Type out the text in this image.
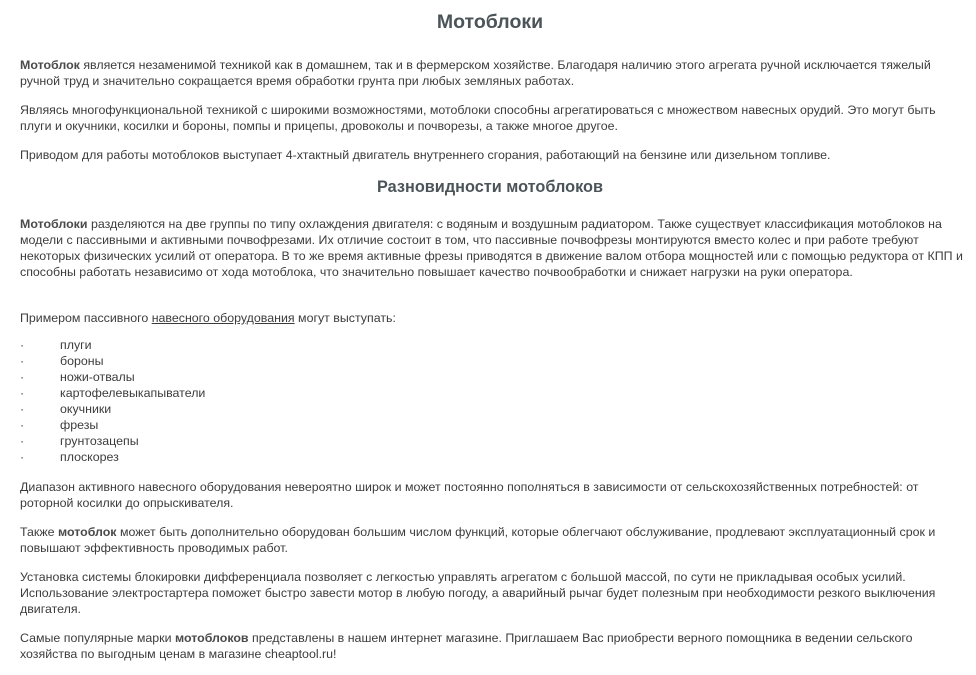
Мотоблоки

Мотоблок является незаменимой техникой как в домашнем, так и в фермерском хозяйстве. Благодаря наличию этого агрегата ручной исключается тяжелый ручной труд и значительно сокращается время обработки грунта при любых земляных работах.

Являясь многофункциональной техникой с широкими возможностями, мотоблоки способны агрегатироваться с множеством навесных орудий. Это могут быть плуги и окучники, косилки и бороны, помпы и прицепы, дровоколы и почворезы, а также многое другое.

Приводом для работы мотоблоков выступает 4-хтактный двигатель внутреннего сгорания, работающий на бензине или дизельном топливе.

Разновидности мотоблоков

Мотоблоки разделяются на две группы по типу охлаждения двигателя: с водяным и воздушным радиатором. Также существует классификация мотоблоков на модели с пассивными и активными почвофрезами. Их отличие состоит в том, что пассивные почвофрезы монтируются вместо колес и при работе требуют некоторых физических усилий от оператора. В то же время активные фрезы приводятся в движение валом отбора мощностей или с помощью редуктора от КПП и способны работать независимо от хода мотоблока, что значительно повышает качество почвообработки и снижает нагрузки на руки оператора.

Примером пассивного навесного оборудования могут выступать:

·	плуги
·	бороны
·	ножи-отвалы
·	картофелевыкапыватели
·	окучники
·	фрезы
·	грунтозацепы
·	плоскорез

Диапазон активного навесного оборудования невероятно широк и может постоянно пополняться в зависимости от сельскохозяйственных потребностей: от роторной косилки до опрыскивателя.

Также мотоблок может быть дополнительно оборудован большим числом функций, которые облегчают обслуживание, продлевают эксплуатационный срок и повышают эффективность проводимых работ.

Установка системы блокировки дифференциала позволяет с легкостью управлять агрегатом с большой массой, по сути не прикладывая особых усилий. Использование электростартера поможет быстро завести мотор в любую погоду, а аварийный рычаг будет полезным при необходимости резкого выключения двигателя.

Самые популярные марки мотоблоков представлены в нашем интернет магазине. Приглашаем Вас приобрести верного помощника в ведении сельского хозяйства по выгодным ценам в магазине cheaptool.ru!
